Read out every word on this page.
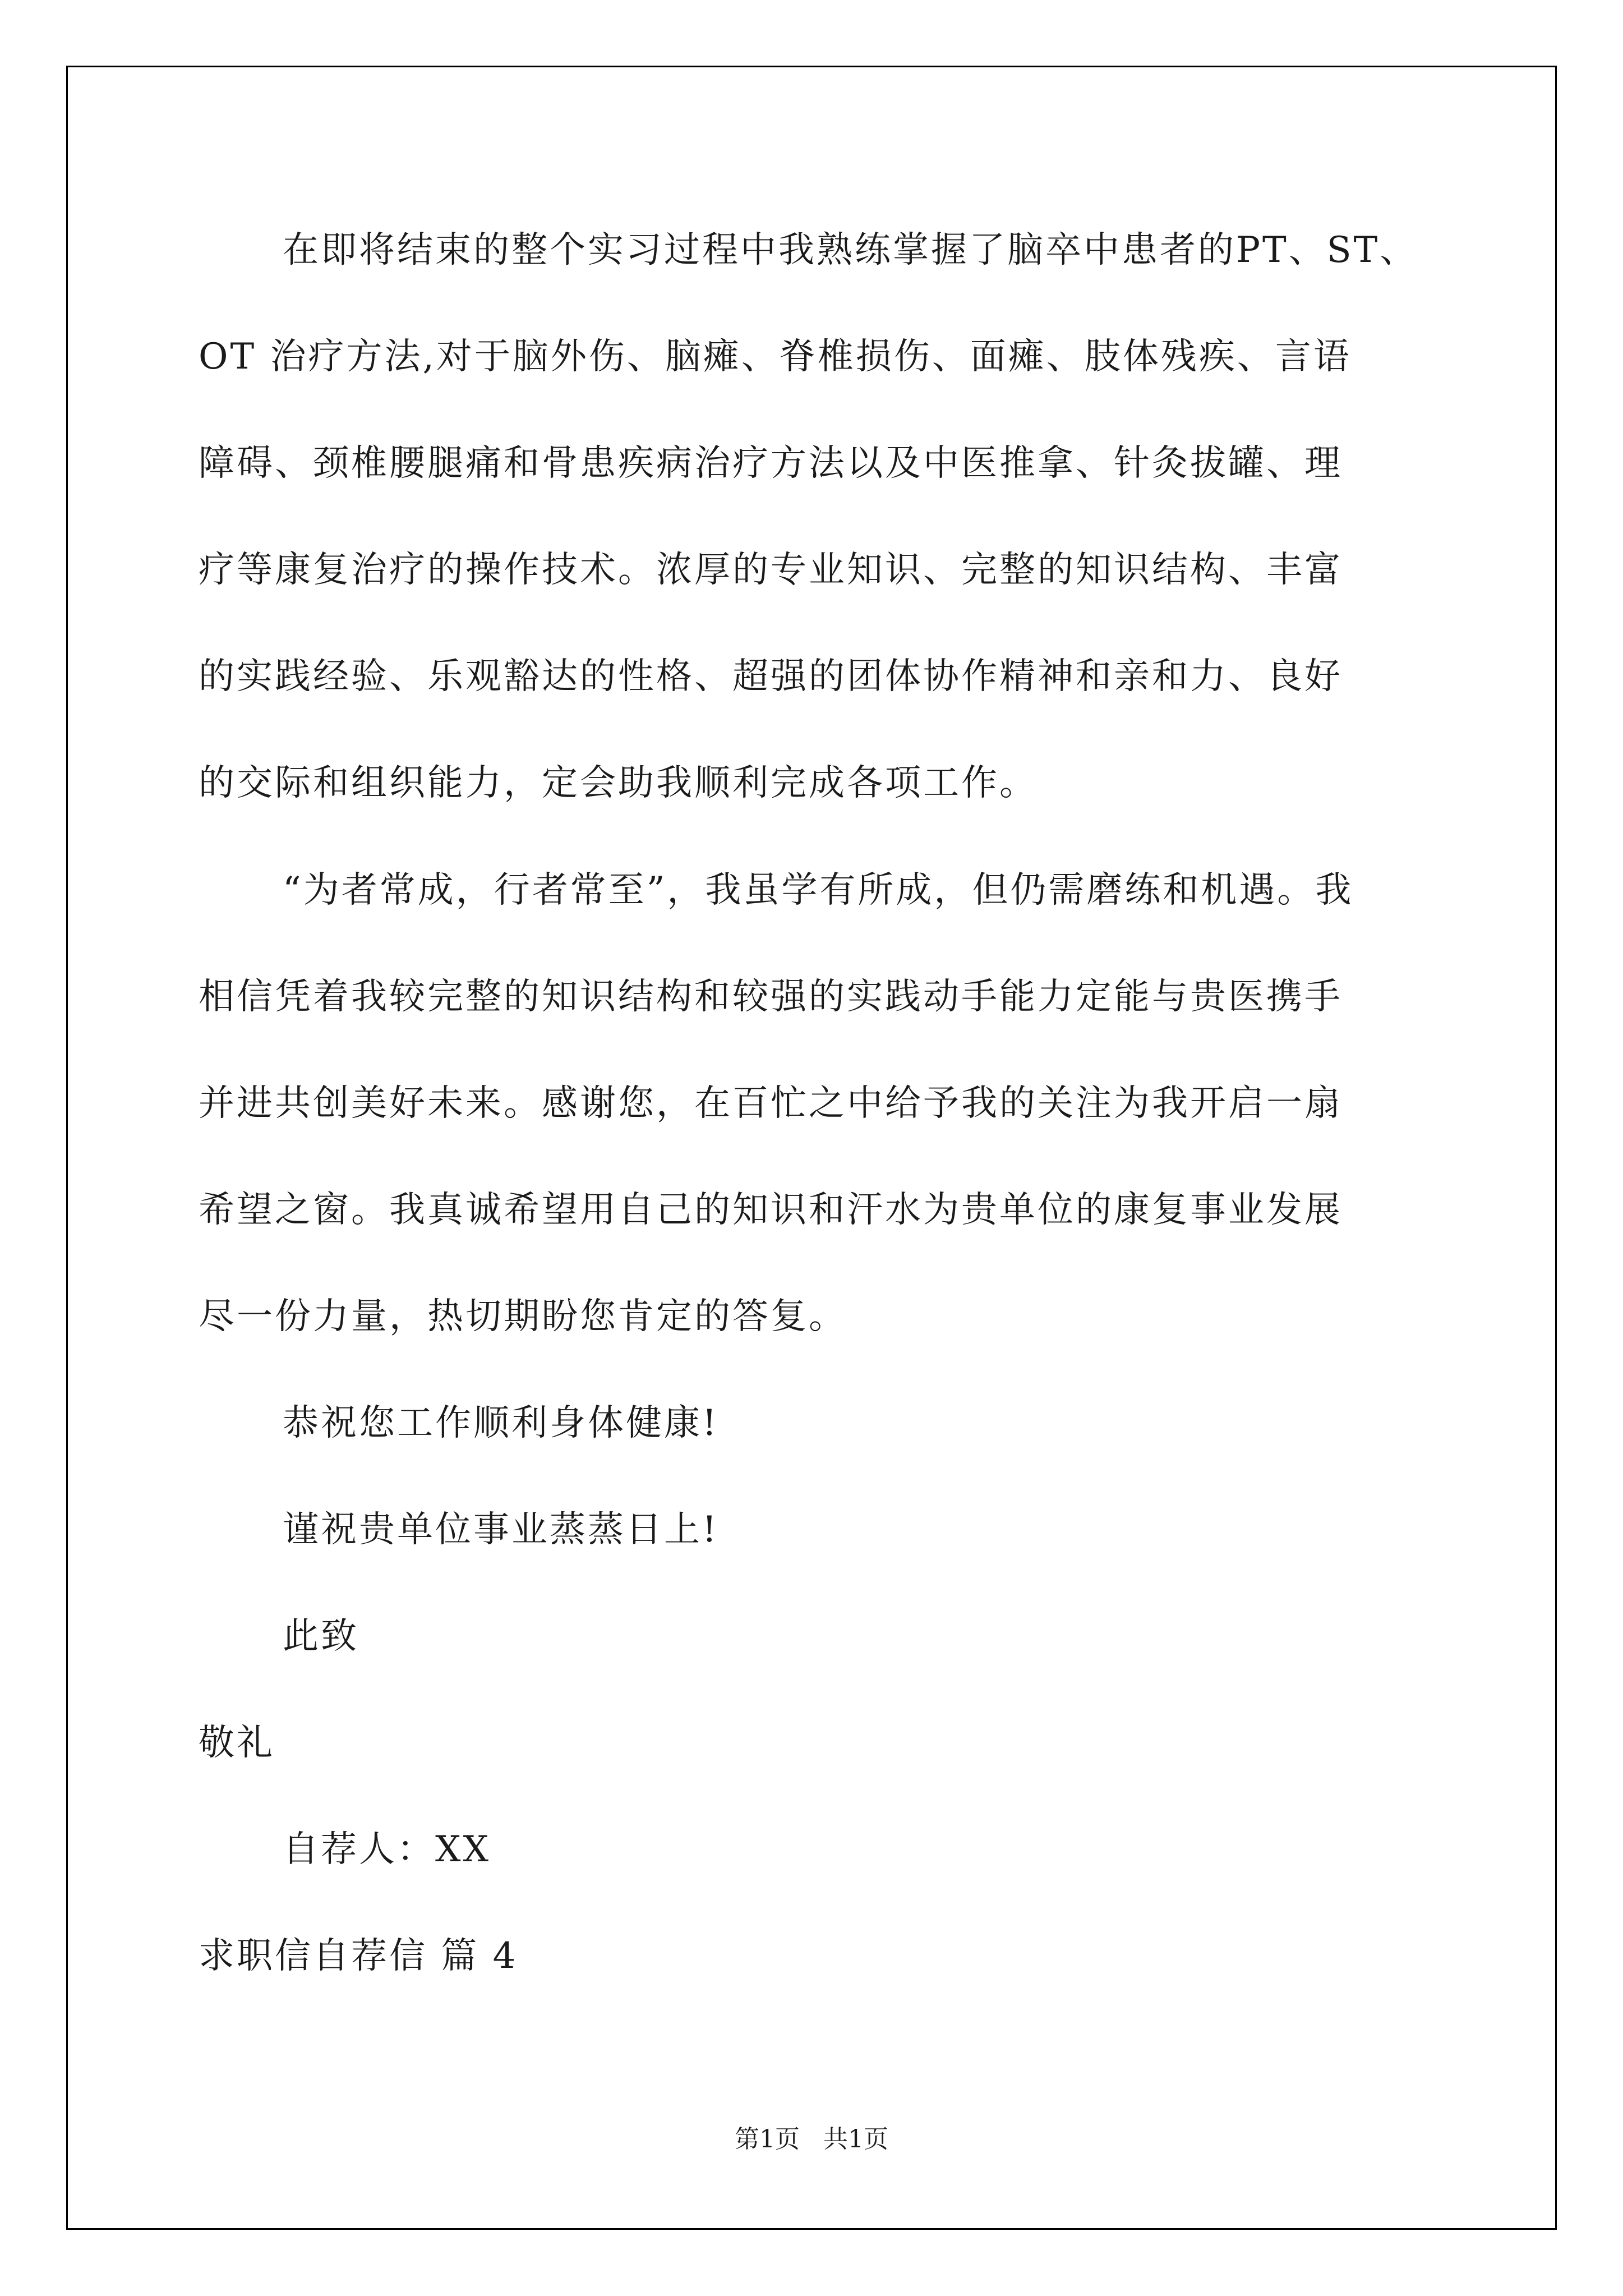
在即将结束的整个实习过程中我熟练掌握了脑卒中患者的PT、ST、
OT 治疗方法,对于脑外伤、脑瘫、脊椎损伤、面瘫、肢体残疾、言语
障碍、颈椎腰腿痛和骨患疾病治疗方法以及中医推拿、针灸拔罐、理
疗等康复治疗的操作技术。浓厚的专业知识、完整的知识结构、丰富
的实践经验、乐观豁达的性格、超强的团体协作精神和亲和力、良好
的交际和组织能力，定会助我顺利完成各项工作。
“为者常成，行者常至”，我虽学有所成，但仍需磨练和机遇。我
相信凭着我较完整的知识结构和较强的实践动手能力定能与贵医携手
并进共创美好未来。感谢您，在百忙之中给予我的关注为我开启一扇
希望之窗。我真诚希望用自己的知识和汗水为贵单位的康复事业发展
尽一份力量，热切期盼您肯定的答复。
恭祝您工作顺利身体健康!
谨祝贵单位事业蒸蒸日上!
此致
敬礼
自荐人：XX
求职信自荐信 篇 4
第1页   共1页
